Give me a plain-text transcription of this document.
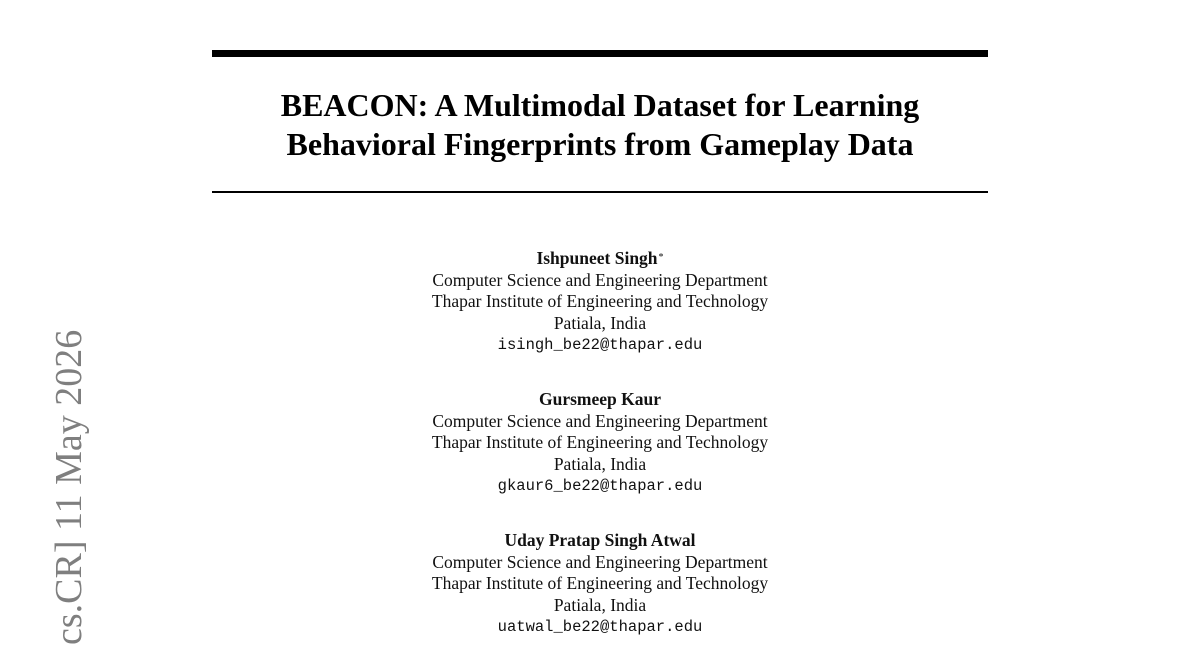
BEACON: A Multimodal Dataset for Learning
Behavioral Fingerprints from Gameplay Data
Ishpuneet Singh*
Computer Science and Engineering Department
Thapar Institute of Engineering and Technology
Patiala, India
isingh_be22@thapar.edu
Gursmeep Kaur
Computer Science and Engineering Department
Thapar Institute of Engineering and Technology
Patiala, India
gkaur6_be22@thapar.edu
Uday Pratap Singh Atwal
Computer Science and Engineering Department
Thapar Institute of Engineering and Technology
Patiala, India
uatwal_be22@thapar.edu
cs.CR] 11 May 2026
